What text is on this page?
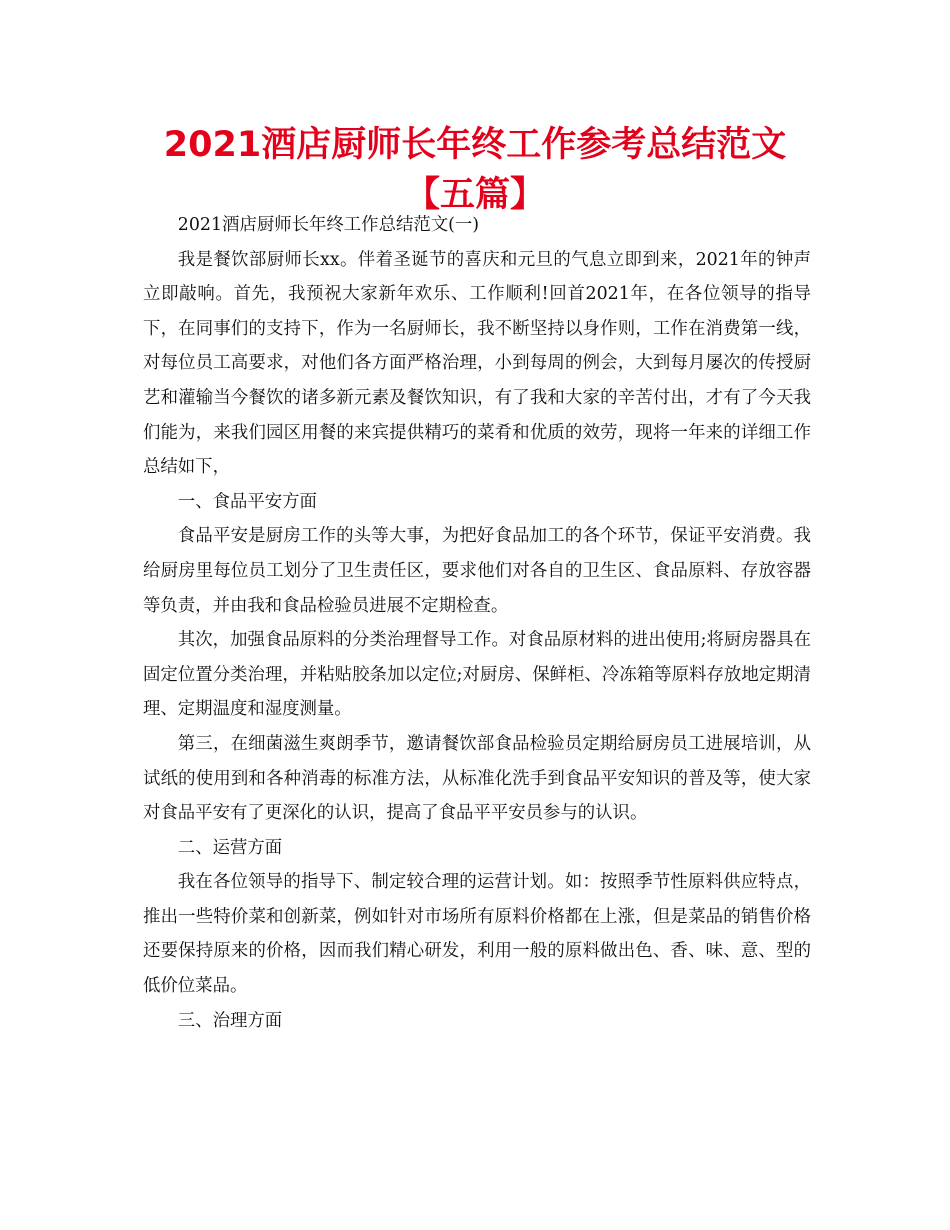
2021酒店厨师长年终工作参考总结范文【五篇】

2021酒店厨师长年终工作总结范文(一)

我是餐饮部厨师长xx。伴着圣诞节的喜庆和元旦的气息立即到来，2021年的钟声立即敲响。首先，我预祝大家新年欢乐、工作顺利!回首2021年，在各位领导的指导下，在同事们的支持下，作为一名厨师长，我不断坚持以身作则，工作在消费第一线，对每位员工高要求，对他们各方面严格治理，小到每周的例会，大到每月屡次的传授厨艺和灌输当今餐饮的诸多新元素及餐饮知识，有了我和大家的辛苦付出，才有了今天我们能为，来我们园区用餐的来宾提供精巧的菜肴和优质的效劳，现将一年来的详细工作总结如下，

一、食品平安方面

食品平安是厨房工作的头等大事，为把好食品加工的各个环节，保证平安消费。我给厨房里每位员工划分了卫生责任区，要求他们对各自的卫生区、食品原料、存放容器等负责，并由我和食品检验员进展不定期检查。

其次，加强食品原料的分类治理督导工作。对食品原材料的进出使用;将厨房器具在固定位置分类治理，并粘贴胶条加以定位;对厨房、保鲜柜、冷冻箱等原料存放地定期清理、定期温度和湿度测量。

第三，在细菌滋生爽朗季节，邀请餐饮部食品检验员定期给厨房员工进展培训，从试纸的使用到和各种消毒的标准方法，从标准化洗手到食品平安知识的普及等，使大家对食品平安有了更深化的认识，提高了食品平平安员参与的认识。

二、运营方面

我在各位领导的指导下、制定较合理的运营计划。如：按照季节性原料供应特点，推出一些特价菜和创新菜，例如针对市场所有原料价格都在上涨，但是菜品的销售价格还要保持原来的价格，因而我们精心研发，利用一般的原料做出色、香、味、意、型的低价位菜品。

三、治理方面
